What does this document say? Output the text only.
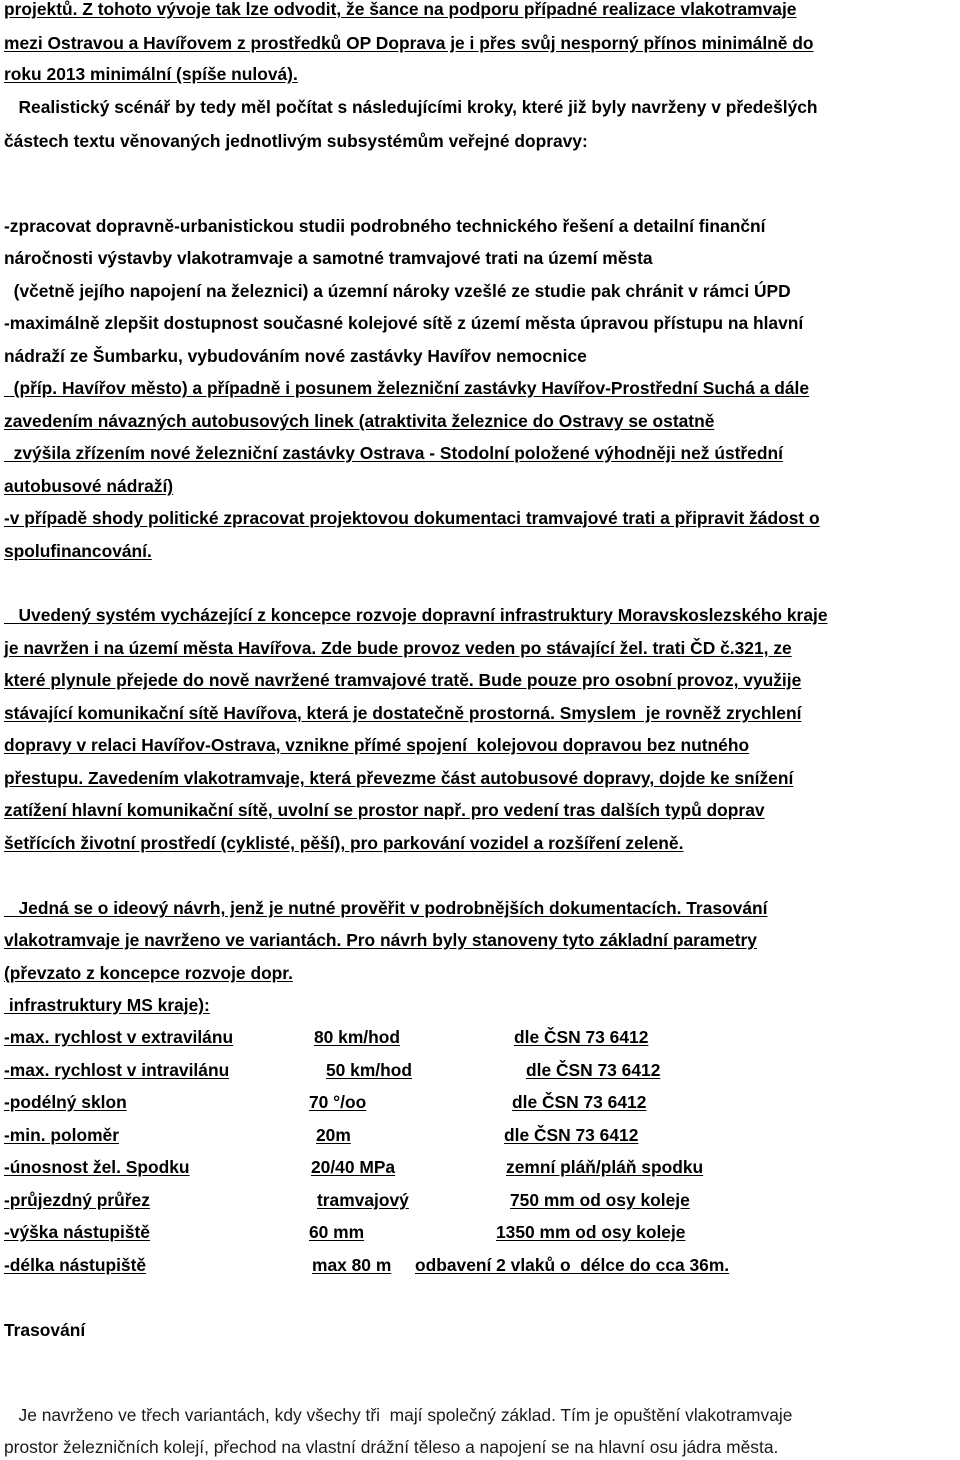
projektů. Z tohoto vývoje tak lze odvodit, že šance na podporu případné realizace vlakotramvaje
mezi Ostravou a Havířovem z prostředků OP Doprava je i přes svůj nesporný přínos minimálně do
roku 2013 minimální (spíše nulová).
Realistický scénář by tedy měl počítat s následujícími kroky, které již byly navrženy v předešlých
částech textu věnovaných jednotlivým subsystémům veřejné dopravy:
-zpracovat dopravně-urbanistickou studii podrobného technického řešení a detailní finanční
náročnosti výstavby vlakotramvaje a samotné tramvajové trati na území města
(včetně jejího napojení na železnici) a územní nároky vzešlé ze studie pak chránit v rámci ÚPD
-maximálně zlepšit dostupnost současné kolejové sítě z území města úpravou přístupu na hlavní
nádraží ze Šumbarku, vybudováním nové zastávky Havířov nemocnice
(příp. Havířov město) a případně i posunem železniční zastávky Havířov-Prostřední Suchá a dále
zavedením návazných autobusových linek (atraktivita železnice do Ostravy se ostatně
zvýšila zřízením nové železniční zastávky Ostrava - Stodolní položené výhodněji než ústřední
autobusové nádraží)
-v případě shody politické zpracovat projektovou dokumentaci tramvajové trati a připravit žádost o
spolufinancování.
Uvedený systém vycházející z koncepce rozvoje dopravní infrastruktury Moravskoslezského kraje
je navržen i na území města Havířova. Zde bude provoz veden po stávající žel. trati ČD č.321, ze
které plynule přejede do nově navržené tramvajové tratě. Bude pouze pro osobní provoz, využije
stávající komunikační sítě Havířova, která je dostatečně prostorná. Smyslem  je rovněž zrychlení
dopravy v relaci Havířov-Ostrava, vznikne přímé spojení  kolejovou dopravou bez nutného
přestupu. Zavedením vlakotramvaje, která převezme část autobusové dopravy, dojde ke snížení
zatížení hlavní komunikační sítě, uvolní se prostor např. pro vedení tras dalších typů doprav
šetřících životní prostředí (cyklisté, pěší), pro parkování vozidel a rozšíření zeleně.
Jedná se o ideový návrh, jenž je nutné prověřit v podrobnějších dokumentacích. Trasování
vlakotramvaje je navrženo ve variantách. Pro návrh byly stanoveny tyto základní parametry
(převzato z koncepce rozvoje dopr.
infrastruktury MS kraje):
-max. rychlost v extravilánu	80 km/hod	dle ČSN 73 6412
-max. rychlost v intravilánu	50 km/hod	dle ČSN 73 6412
-podélný sklon	70 °/oo	dle ČSN 73 6412
-min. poloměr	20m	dle ČSN 73 6412
-únosnost žel. Spodku	20/40 MPa	zemní pláň/pláň spodku
-průjezdný průřez	tramvajový	750 mm od osy koleje
-výška nástupiště	60 mm	1350 mm od osy koleje
-délka nástupiště	max 80 m odbavení 2 vlaků o  délce do cca 36m.
Trasování
Je navrženo ve třech variantách, kdy všechy tři  mají společný základ. Tím je opuštění vlakotramvaje
prostor železničních kolejí, přechod na vlastní drážní těleso a napojení se na hlavní osu jádra města.
